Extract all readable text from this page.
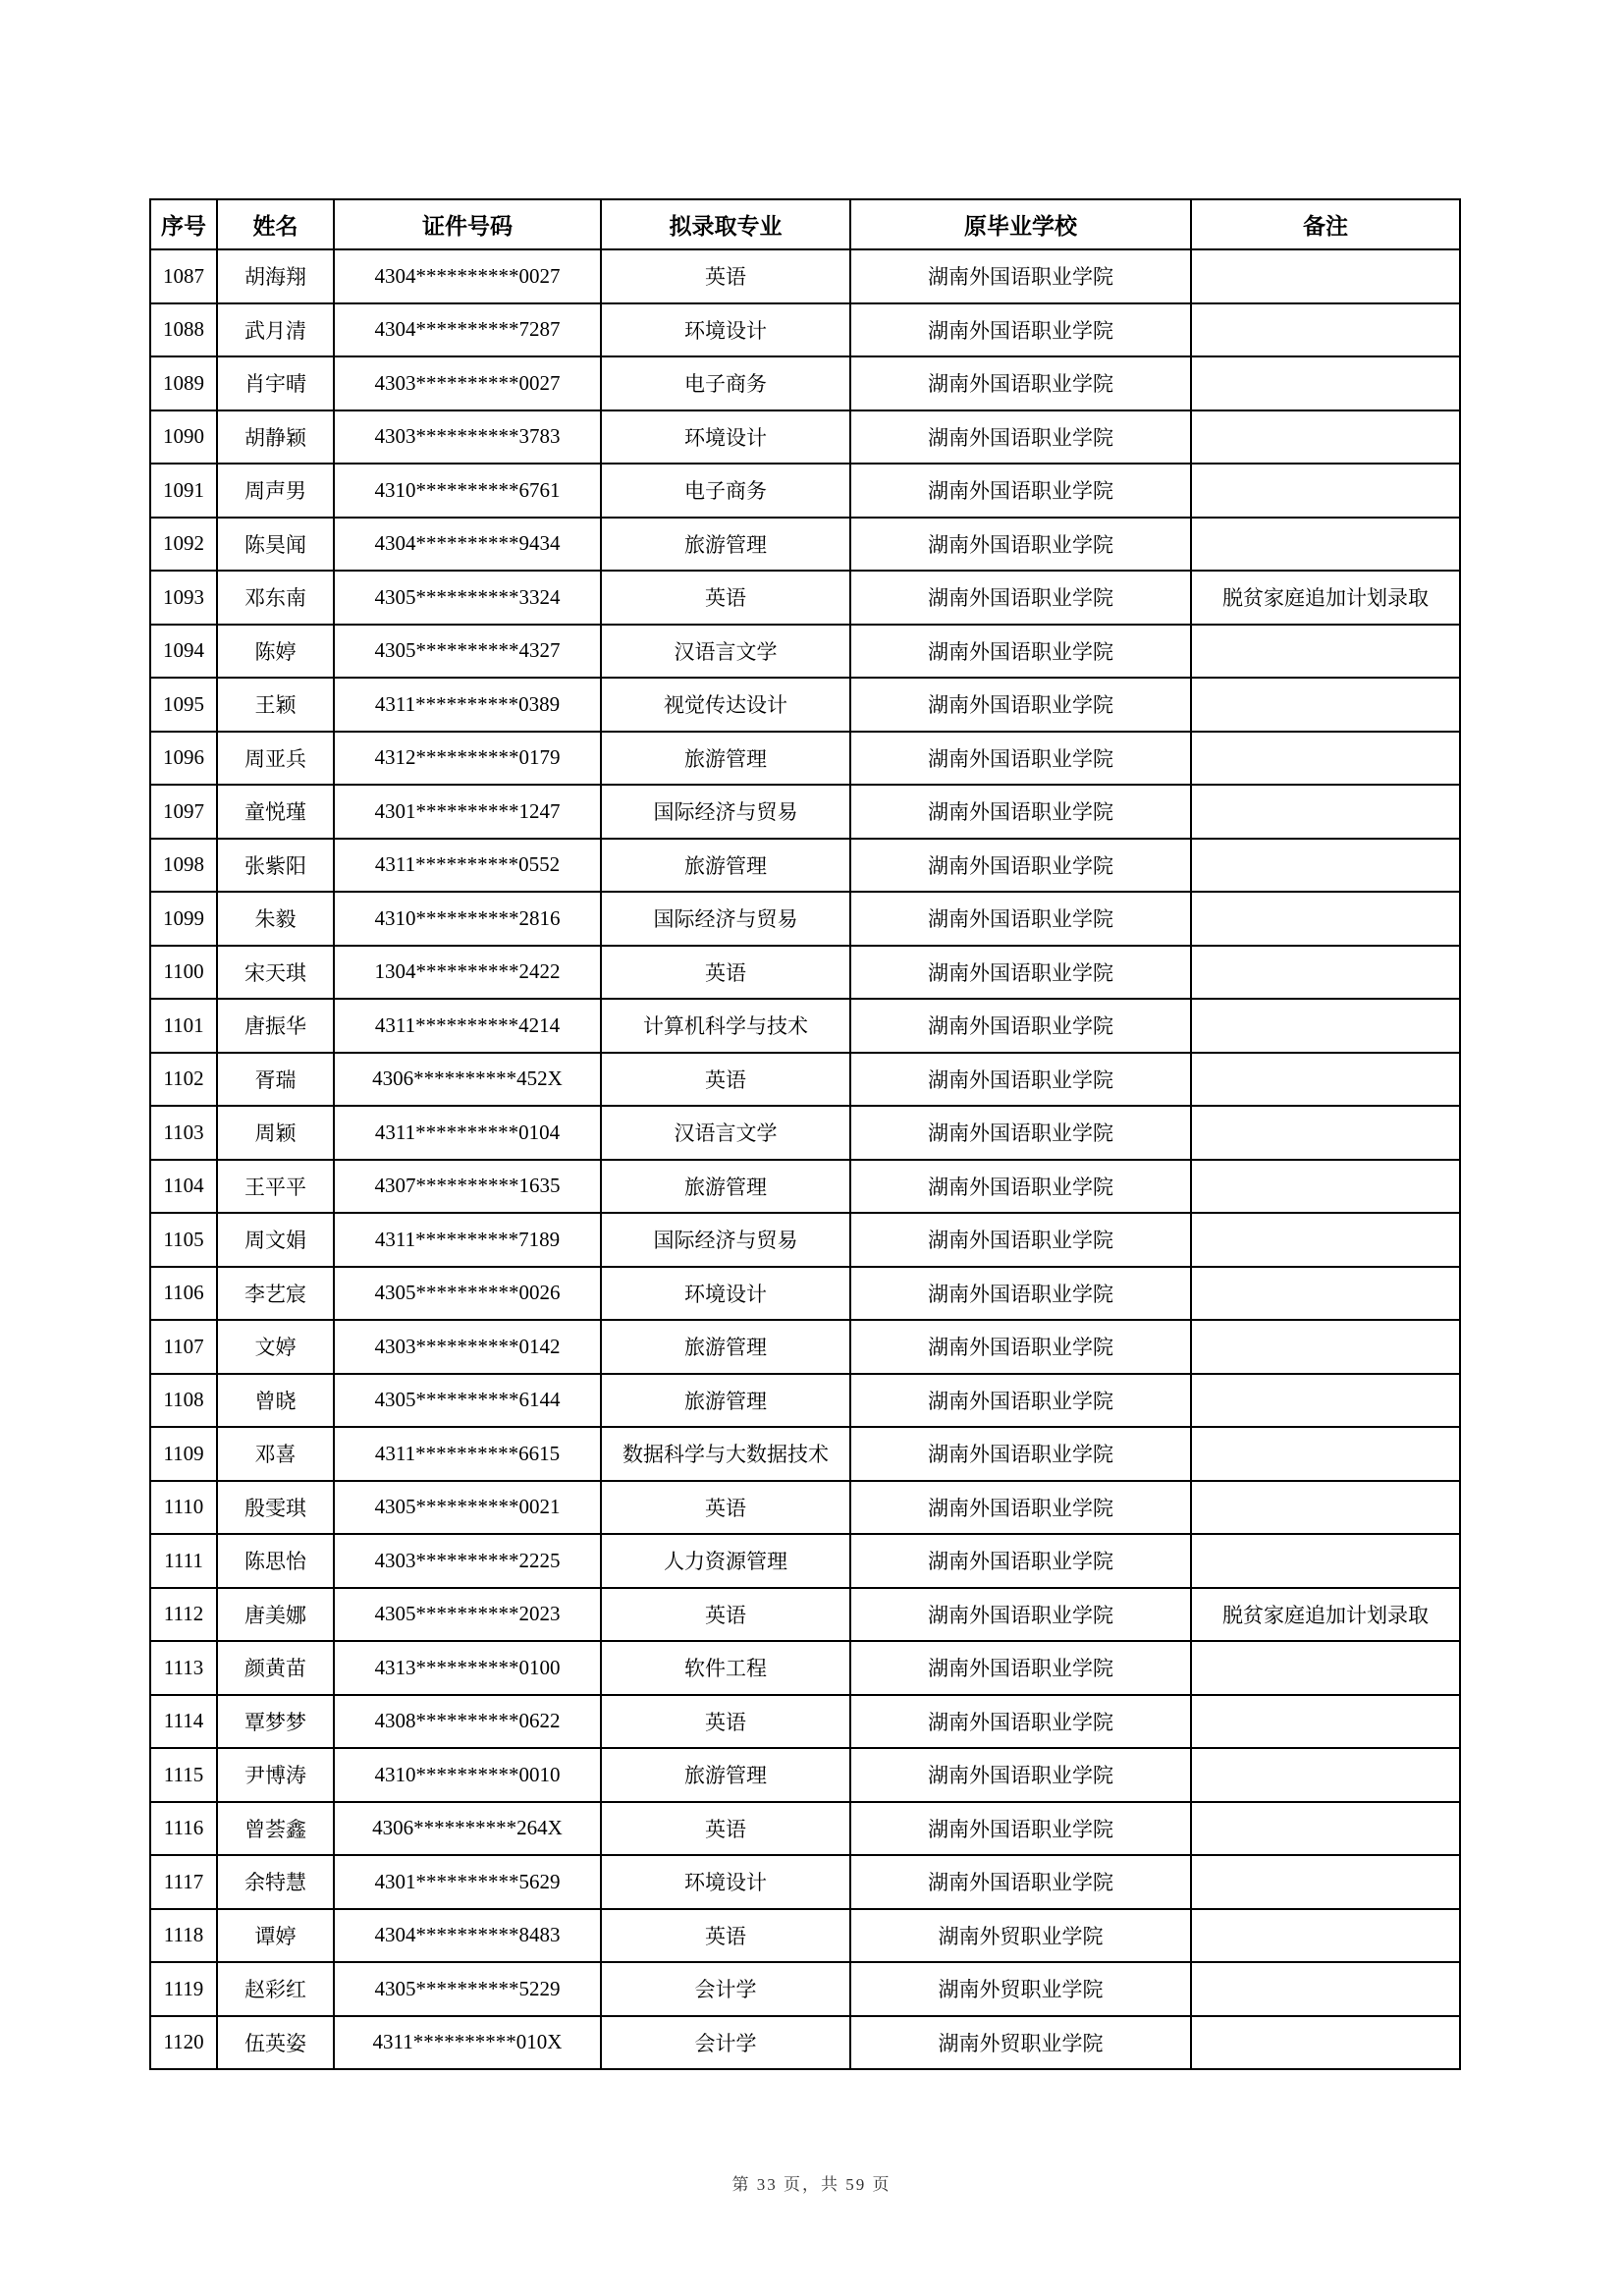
序号	姓名	证件号码	拟录取专业	原毕业学校	备注
1087	胡海翔	4304**********0027	英语	湖南外国语职业学院	
1088	武月清	4304**********7287	环境设计	湖南外国语职业学院	
1089	肖宇晴	4303**********0027	电子商务	湖南外国语职业学院	
1090	胡静颖	4303**********3783	环境设计	湖南外国语职业学院	
1091	周声男	4310**********6761	电子商务	湖南外国语职业学院	
1092	陈昊闻	4304**********9434	旅游管理	湖南外国语职业学院	
1093	邓东南	4305**********3324	英语	湖南外国语职业学院	脱贫家庭追加计划录取
1094	陈婷	4305**********4327	汉语言文学	湖南外国语职业学院	
1095	王颖	4311**********0389	视觉传达设计	湖南外国语职业学院	
1096	周亚兵	4312**********0179	旅游管理	湖南外国语职业学院	
1097	童悦瑾	4301**********1247	国际经济与贸易	湖南外国语职业学院	
1098	张紫阳	4311**********0552	旅游管理	湖南外国语职业学院	
1099	朱毅	4310**********2816	国际经济与贸易	湖南外国语职业学院	
1100	宋天琪	1304**********2422	英语	湖南外国语职业学院	
1101	唐振华	4311**********4214	计算机科学与技术	湖南外国语职业学院	
1102	胥瑞	4306**********452X	英语	湖南外国语职业学院	
1103	周颖	4311**********0104	汉语言文学	湖南外国语职业学院	
1104	王平平	4307**********1635	旅游管理	湖南外国语职业学院	
1105	周文娟	4311**********7189	国际经济与贸易	湖南外国语职业学院	
1106	李艺宸	4305**********0026	环境设计	湖南外国语职业学院	
1107	文婷	4303**********0142	旅游管理	湖南外国语职业学院	
1108	曾晓	4305**********6144	旅游管理	湖南外国语职业学院	
1109	邓喜	4311**********6615	数据科学与大数据技术	湖南外国语职业学院	
1110	殷雯琪	4305**********0021	英语	湖南外国语职业学院	
1111	陈思怡	4303**********2225	人力资源管理	湖南外国语职业学院	
1112	唐美娜	4305**********2023	英语	湖南外国语职业学院	脱贫家庭追加计划录取
1113	颜黄苗	4313**********0100	软件工程	湖南外国语职业学院	
1114	覃梦梦	4308**********0622	英语	湖南外国语职业学院	
1115	尹博涛	4310**********0010	旅游管理	湖南外国语职业学院	
1116	曾荟鑫	4306**********264X	英语	湖南外国语职业学院	
1117	余特慧	4301**********5629	环境设计	湖南外国语职业学院	
1118	谭婷	4304**********8483	英语	湖南外贸职业学院	
1119	赵彩红	4305**********5229	会计学	湖南外贸职业学院	
1120	伍英姿	4311**********010X	会计学	湖南外贸职业学院	
第 33 页，共 59 页
